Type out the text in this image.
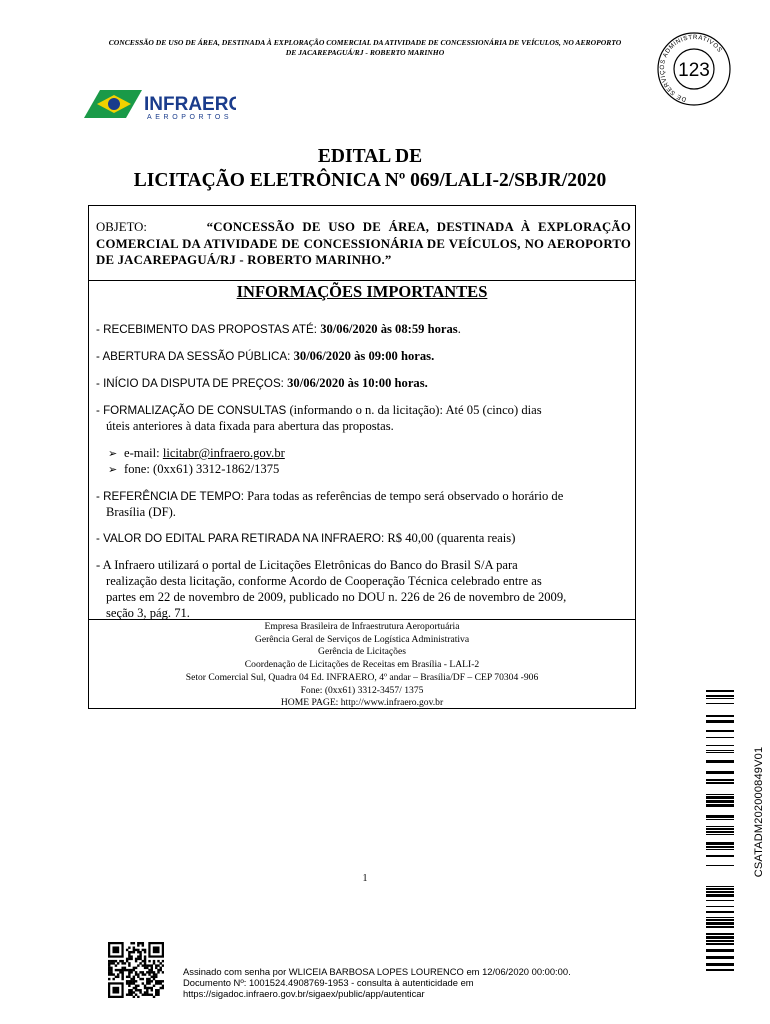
CONCESSÃO DE USO DE ÁREA, DESTINADA À EXPLORAÇÃO COMERCIAL DA ATIVIDADE DE CONCESSIONÁRIA DE VEÍCULOS, NO AEROPORTO
DE JACAREPAGUÁ/RJ - ROBERTO MARINHO
DE SERVIÇOS ADMINISTRATIVOS
123
INFRAERO
AEROPORTOS
EDITAL DE
LICITAÇÃO ELETRÔNICA Nº 069/LALI-2/SBJR/2020
OBJETO:	“CONCESSÃO DE USO DE ÁREA, DESTINADA À EXPLORAÇÃO COMERCIAL DA ATIVIDADE DE CONCESSIONÁRIA DE VEÍCULOS, NO AEROPORTO DE JACAREPAGUÁ/RJ - ROBERTO MARINHO.”
INFORMAÇÕES IMPORTANTES
- RECEBIMENTO DAS PROPOSTAS ATÉ: 30/06/2020 às 08:59 horas.
- ABERTURA DA SESSÃO PÚBLICA: 30/06/2020 às 09:00 horas.
- INÍCIO DA DISPUTA DE PREÇOS: 30/06/2020 às 10:00 horas.
- FORMALIZAÇÃO DE CONSULTAS (informando o n. da licitação): Até 05 (cinco) dias
úteis anteriores à data fixada para abertura das propostas.
➢ e-mail: licitabr@infraero.gov.br
➢ fone: (0xx61) 3312-1862/1375
- REFERÊNCIA DE TEMPO: Para todas as referências de tempo será observado o horário de
Brasília (DF).
- VALOR DO EDITAL PARA RETIRADA NA INFRAERO: R$ 40,00 (quarenta reais)
- A Infraero utilizará o portal de Licitações Eletrônicas do Banco do Brasil S/A para
realização desta licitação, conforme Acordo de Cooperação Técnica celebrado entre as
partes em 22 de novembro de 2009, publicado no DOU n. 226 de 26 de novembro de 2009,
seção 3, pág. 71.
Empresa Brasileira de Infraestrutura Aeroportuária
Gerência Geral de Serviços de Logística Administrativa
Gerência de Licitações
Coordenação de Licitações de Receitas em Brasília - LALI-2
Setor Comercial Sul, Quadra 04 Ed. INFRAERO, 4º andar – Brasília/DF – CEP 70304 -906
Fone: (0xx61) 3312-3457/ 1375
HOME PAGE: http://www.infraero.gov.br
CSATADM202000849V01
1
Assinado com senha por WLICEIA BARBOSA LOPES LOURENCO em 12/06/2020 00:00:00.
Documento Nº: 1001524.4908769-1953 - consulta à autenticidade em
https://sigadoc.infraero.gov.br/sigaex/public/app/autenticar
